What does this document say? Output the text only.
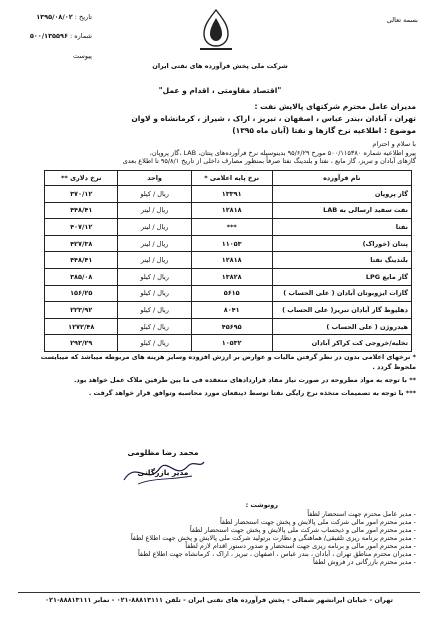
بسمه تعالی
شرکت ملی پخش فرآورده های نفتی ایران
تاریخ : ۱۳۹۵/۰۸/۰۲
شماره : ۵۰۰/۱۳۵۵۹۶
پیوست
"اقتصاد مقاومتی ، اقدام و عمل"
مدیران عامل محترم شرکتهای پالایش نفت :
تهران ، آبادان ،بندر عباس ، اصفهان ، تبریز ، اراک ، شیراز ، کرمانشاه و لاوان
موضوع : اطلاعیه نرخ گازها و نفتا (آبان ماه ۱۳۹۵)
با سلام و احترام
پیرو اطلاعیه شماره ۵۰۰/۱۱۵۳۸۰ مورخ ۹۵/۶/۲۹ بدینوسیله نرخ فرآورده‌های پنتان، LAB ،گاز پروپان،
گازهای آبادان و تبریز، گاز مایع ، نفتا و بلندینگ نفتا صرفاً بمنظور مصارف داخلی از تاریخ ۹۵/۸/۱ تا اطلاع بعدی
نام فرآورده	نرخ پایه اعلامی *	واحد	نرخ دلاری **
گاز پروپان	۱۳۳۹۱	ریال / کیلو	۳۷۰/۱۲
نفت سفید ارسالی به LAB	۱۲۸۱۸	ریال / لیتر	۴۴۸/۴۱
نفتا	***	ریال / لیتر	۴۰۷/۱۲
پنتان (خوراک)	۱۱۰۵۳	ریال / لیتر	۴۲۷/۳۸
بلندینگ نفتا	۱۲۸۱۸	ریال / لیتر	۴۴۸/۴۱
گاز مایع LPG	۱۳۸۲۸	ریال / کیلو	۳۸۵/۰۸
گازات ایزوبوتان آبادان ( علی الحساب )	۵۶۱۵	ریال / کیلو	۱۵۶/۲۵
دهلیوط گاز آبادان تبریز( علی الحساب )	۸۰۴۱	ریال / کیلو	۲۲۳/۹۲
هیدروژن ( علی الحساب )	۴۵۶۹۵	ریال / کیلو	۱۲۷۲/۴۸
تخلیه/خروجی کت کراکر آبادان	۱۰۵۳۲	ریال / کیلو	۲۹۳/۲۹
* نرخهای اعلامی بدون در نظر گرفتن مالیات و عوارض بر ارزش افزوده وسایر هزینه های مربوطه میباشد که میبایست
ملحوظ گردد .
** با توجه به مواد مطروحه در صورت نیاز مفاد قراردادهای منعقده فی ما بین طرفین ملاک عمل خواهد بود.
*** با توجه به تصمیمات متخذه نرخ رایگی نفتا توسط ذینفعان مورد محاسبه وتوافق قرار خواهد گرفت .
محمد رضا مظلومی
مدیر بازرگانی
رونوشت :
- مدیر عامل محترم جهت استحضار لطفاً
- مدیر محترم امور مالی شرکت ملی پالایش و پخش جهت استحضار لطفاً
- مدیر محترم امور مالی و ذیحساب شرکت ملی پالایش و پخش جهت استحضار لطفاً
- مدیر محترم برنامه ریزی تلفیقی/ هماهنگی و نظارت برتولید شرکت ملی پالایش و پخش جهت اطلاع لطفاً
- مدیر محترم امور مالی و برنامه ریزی جهت استحضار و صدور دستور اقدام لازم لطفاً
- مدیران محترم مناطق تهران ، آبادان ، بندر عباس ، اصفهان ، تبریز ، اراک ، کرمانشاه جهت اطلاع لطفاً
- مدیر محترم بازرگانی در فروش لطفاً
تهران - خیابان ایرانشهر شمالی - پخش فرآورده های نفتی ایران - تلفن ۸۸۸۱۳۱۱۱-۰۲۱ - نمابر ۸۸۸۱۳۱۱۱-۰۲۱
